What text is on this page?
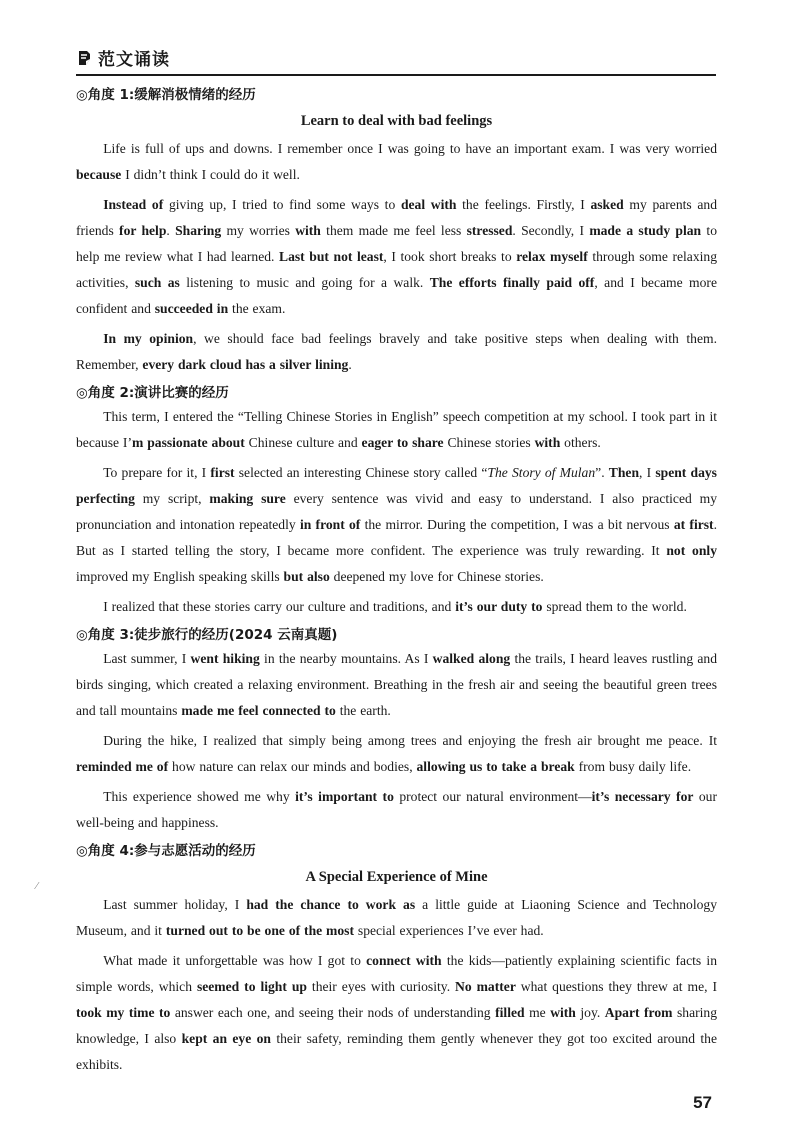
范文诵读
◎角度 1:缓解消极情绪的经历
Learn to deal with bad feelings

Life is full of ups and downs. I remember once I was going to have an important exam. I was very worried because I didn’t think I could do it well.

Instead of giving up, I tried to find some ways to deal with the feelings. Firstly, I asked my parents and friends for help. Sharing my worries with them made me feel less stressed. Secondly, I made a study plan to help me review what I had learned. Last but not least, I took short breaks to relax myself through some relaxing activities, such as listening to music and going for a walk. The efforts finally paid off, and I became more confident and succeeded in the exam.

In my opinion, we should face bad feelings bravely and take positive steps when dealing with them. Remember, every dark cloud has a silver lining.

◎角度 2:演讲比赛的经历

This term, I entered the “Telling Chinese Stories in English” speech competition at my school. I took part in it because I’m passionate about Chinese culture and eager to share Chinese stories with others.

To prepare for it, I first selected an interesting Chinese story called “The Story of Mulan”. Then, I spent days perfecting my script, making sure every sentence was vivid and easy to understand. I also practiced my pronunciation and intonation repeatedly in front of the mirror. During the competition, I was a bit nervous at first. But as I started telling the story, I became more confident. The experience was truly rewarding. It not only improved my English speaking skills but also deepened my love for Chinese stories.

I realized that these stories carry our culture and traditions, and it’s our duty to spread them to the world.

◎角度 3:徒步旅行的经历(2024 云南真题)

Last summer, I went hiking in the nearby mountains. As I walked along the trails, I heard leaves rustling and birds singing, which created a relaxing environment. Breathing in the fresh air and seeing the beautiful green trees and tall mountains made me feel connected to the earth.

During the hike, I realized that simply being among trees and enjoying the fresh air brought me peace. It reminded me of how nature can relax our minds and bodies, allowing us to take a break from busy daily life.

This experience showed me why it’s important to protect our natural environment—it’s necessary for our well-being and happiness.

◎角度 4:参与志愿活动的经历
A Special Experience of Mine

Last summer holiday, I had the chance to work as a little guide at Liaoning Science and Technology Museum, and it turned out to be one of the most special experiences I’ve ever had.

What made it unforgettable was how I got to connect with the kids—patiently explaining scientific facts in simple words, which seemed to light up their eyes with curiosity. No matter what questions they threw at me, I took my time to answer each one, and seeing their nods of understanding filled me with joy. Apart from sharing knowledge, I also kept an eye on their safety, reminding them gently whenever they got too excited around the exhibits.

⁄
57
